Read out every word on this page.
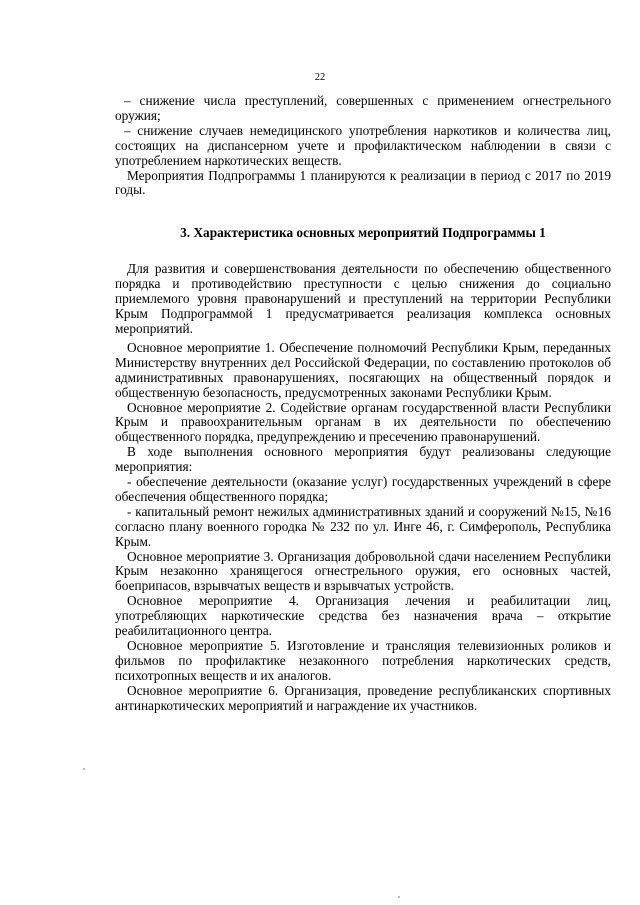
22

– снижение числа преступлений, совершенных с применением огнестрельного оружия;

– снижение случаев немедицинского употребления наркотиков и количества лиц, состоящих на диспансерном учете и профилактическом наблюдении в связи с употреблением наркотических веществ.

Мероприятия Подпрограммы 1 планируются к реализации в период с 2017 по 2019 годы.

3. Характеристика основных мероприятий Подпрограммы 1

Для развития и совершенствования деятельности по обеспечению общественного порядка и противодействию преступности с целью снижения до социально приемлемого уровня правонарушений и преступлений на территории Республики Крым Подпрограммой 1 предусматривается реализация комплекса основных мероприятий.

Основное мероприятие 1. Обеспечение полномочий Республики Крым, переданных Министерству внутренних дел Российской Федерации, по составлению протоколов об административных правонарушениях, посягающих на общественный порядок и общественную безопасность, предусмотренных законами Республики Крым.

Основное мероприятие 2. Содействие органам государственной власти Республики Крым и правоохранительным органам в их деятельности по обеспечению общественного порядка, предупреждению и пресечению правонарушений.

В ходе выполнения основного мероприятия будут реализованы следующие мероприятия:

- обеспечение деятельности (оказание услуг) государственных учреждений в сфере обеспечения общественного порядка;

- капитальный ремонт нежилых административных зданий и сооружений №15, №16 согласно плану военного городка № 232 по ул. Инге 46, г. Симферополь, Республика Крым.

Основное мероприятие 3. Организация добровольной сдачи населением Республики Крым незаконно хранящегося огнестрельного оружия, его основных частей, боеприпасов, взрывчатых веществ и взрывчатых устройств.

Основное мероприятие 4. Организация лечения и реабилитации лиц, употребляющих наркотические средства без назначения врача – открытие реабилитационного центра.

Основное мероприятие 5. Изготовление и трансляция телевизионных роликов и фильмов по профилактике незаконного потребления наркотических средств, психотропных веществ и их аналогов.

Основное мероприятие 6. Организация, проведение республиканских спортивных антинаркотических мероприятий и награждение их участников.
